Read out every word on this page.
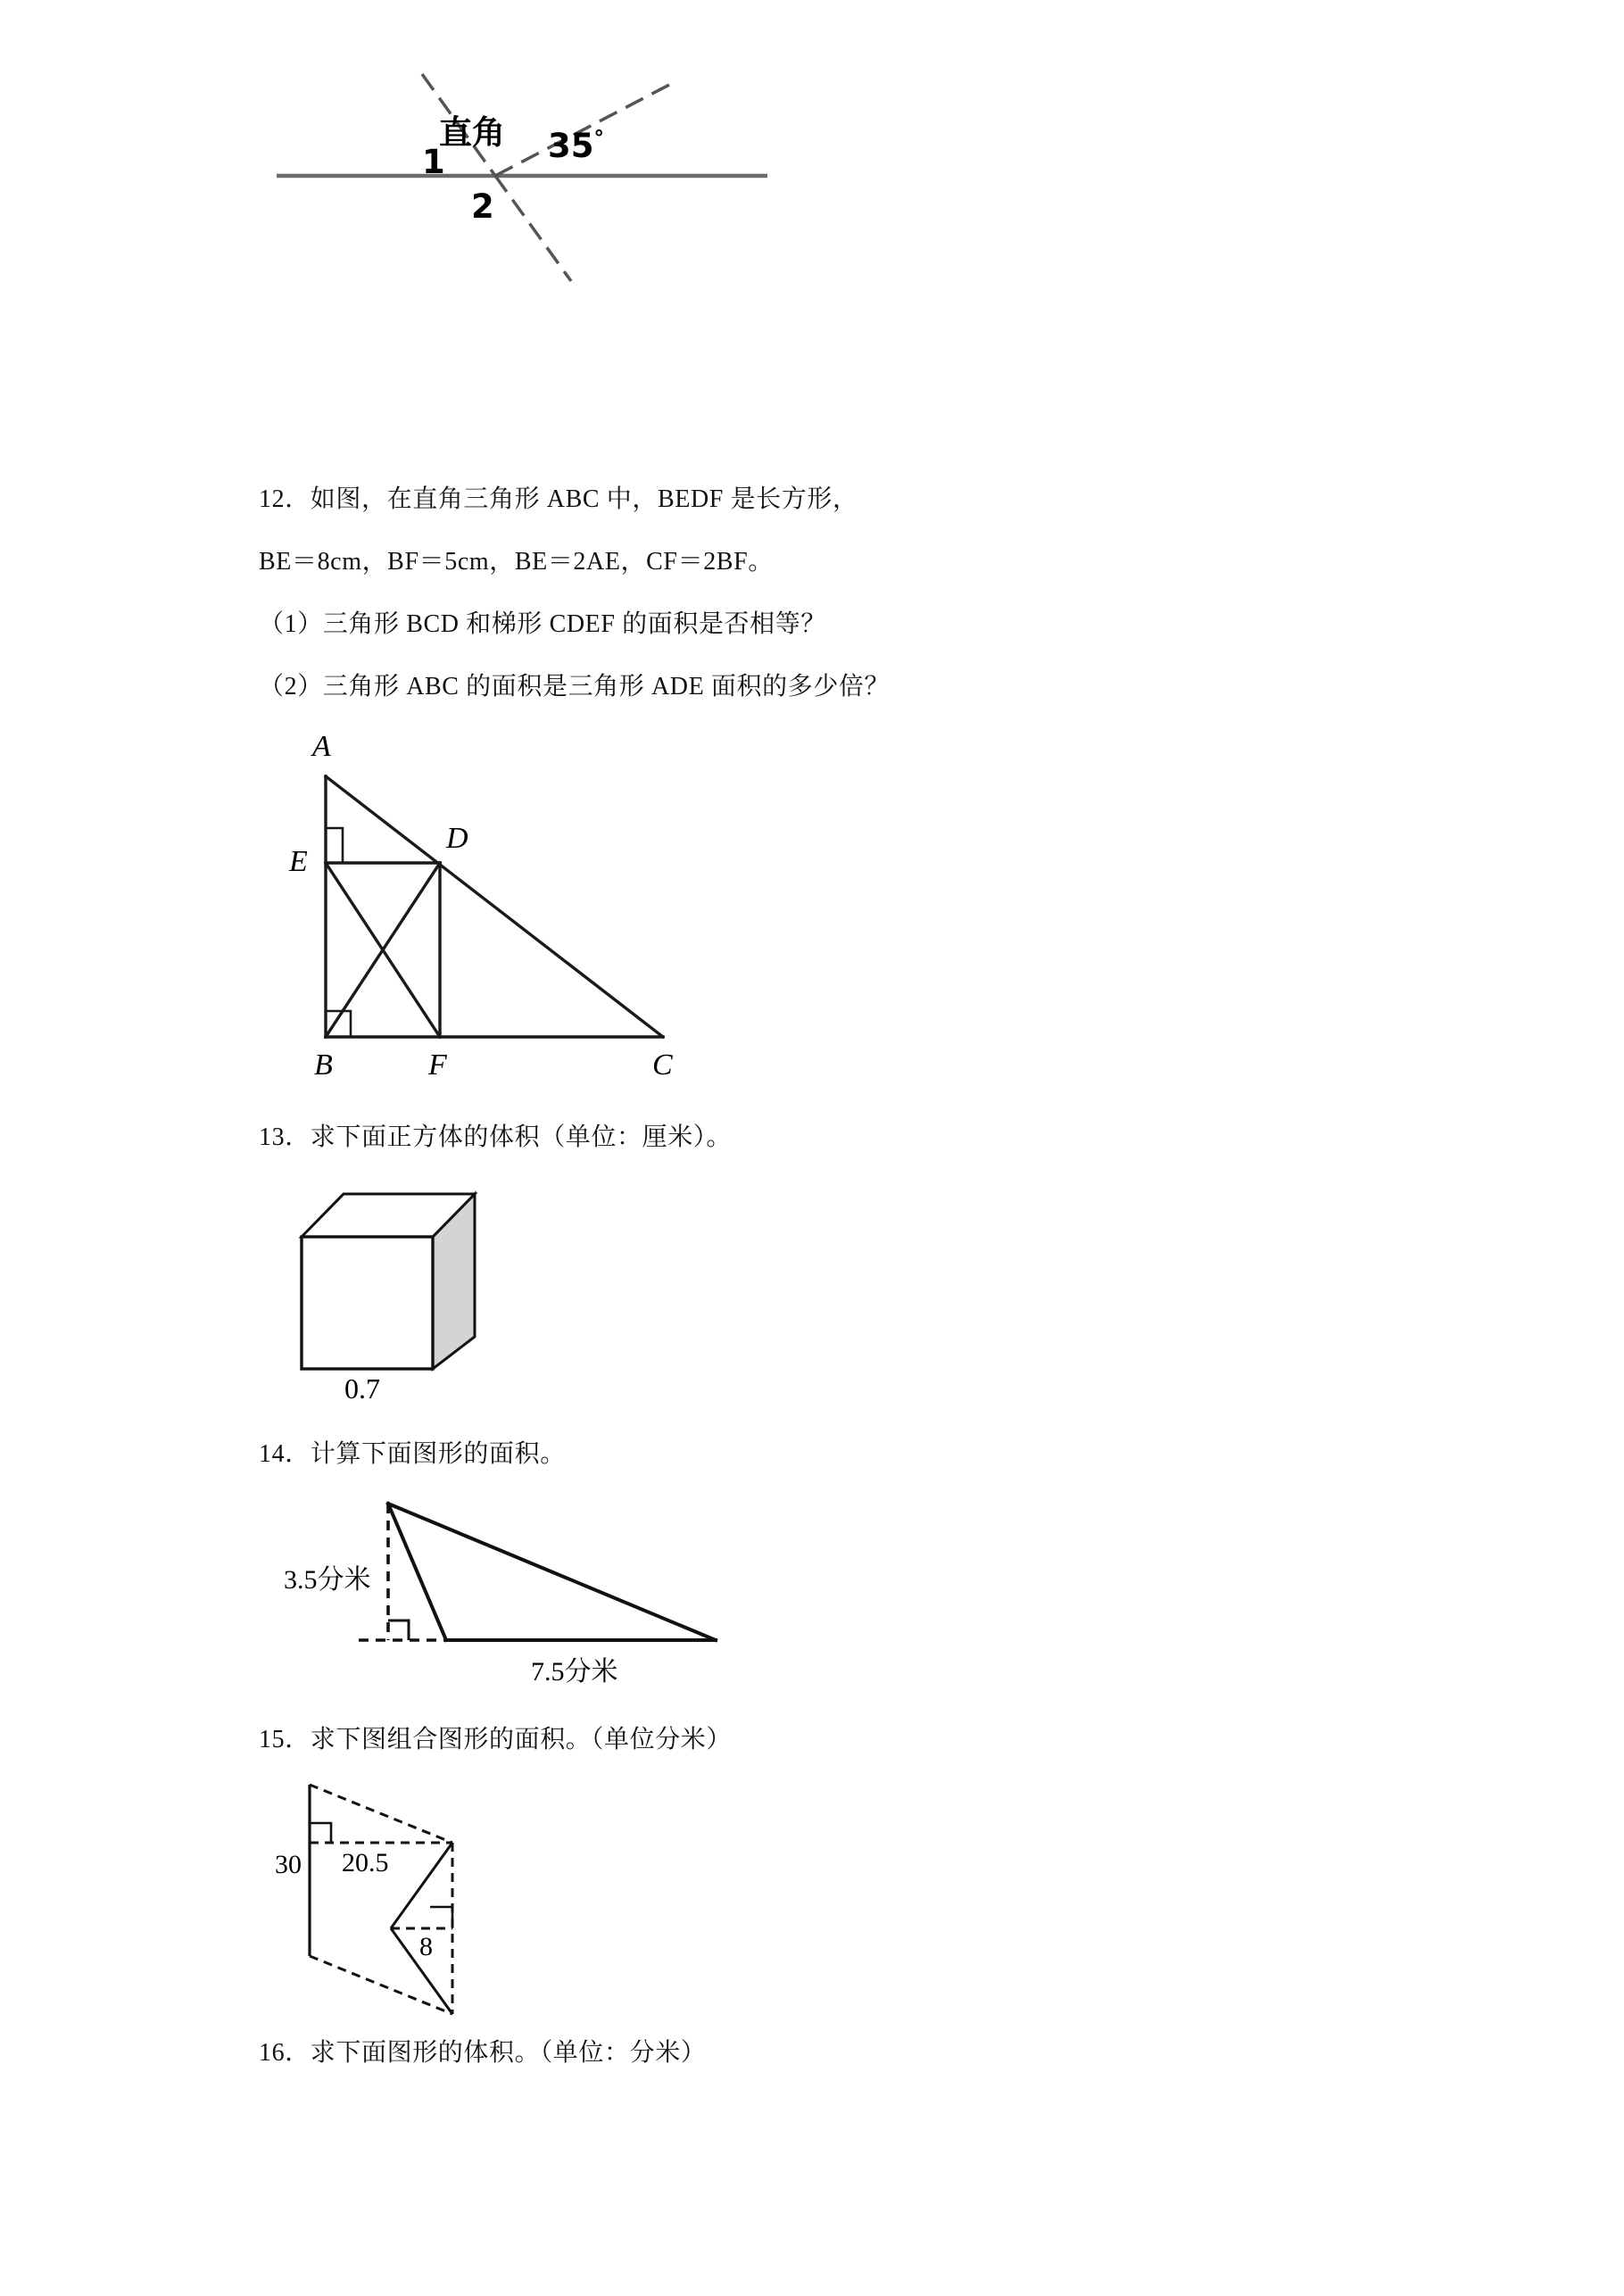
直角
1
2
35°
12．如图，在直角三角形 ABC 中，BEDF 是长方形，
BE＝8cm，BF＝5cm，BE＝2AE，CF＝2BF。
（1）三角形 BCD 和梯形 CDEF 的面积是否相等？
（2）三角形 ABC 的面积是三角形 ADE 面积的多少倍？
A
E
D
B	F	C
13．求下面正方体的体积（单位：厘米）。
0.7
14．计算下面图形的面积。
3.5分米
7.5分米
15．求下图组合图形的面积。（单位分米）
30 20.5
8
16．求下面图形的体积。（单位：分米）
